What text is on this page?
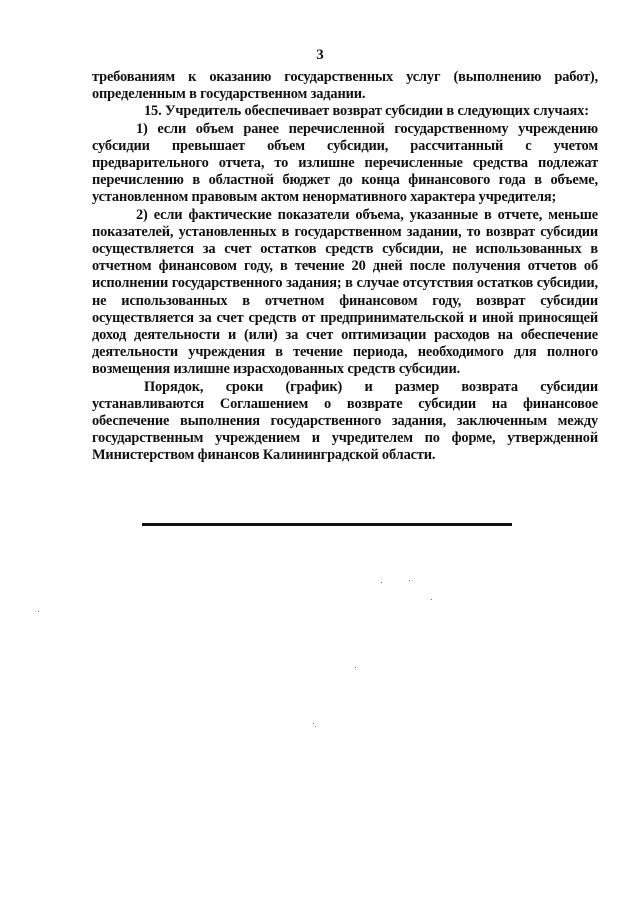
3

требованиям к оказанию государственных услуг (выполнению работ), определенным в государственном задании.

15. Учредитель обеспечивает возврат субсидии в следующих случаях:

1) если объем ранее перечисленной государственному учреждению субсидии превышает объем субсидии, рассчитанный с учетом предварительного отчета, то излишне перечисленные средства подлежат перечислению в областной бюджет до конца финансового года в объеме, установленном правовым актом ненормативного характера учредителя;

2) если фактические показатели объема, указанные в отчете, меньше показателей, установленных в государственном задании, то возврат субсидии осуществляется за счет остатков средств субсидии, не использованных в отчетном финансовом году, в течение 20 дней после получения отчетов об исполнении государственного задания; в случае отсутствия остатков субсидии, не использованных в отчетном финансовом году, возврат субсидии осуществляется за счет средств от предпринимательской и иной приносящей доход деятельности и (или) за счет оптимизации расходов на обеспечение деятельности учреждения в течение периода, необходимого для полного возмещения излишне израсходованных средств субсидии.

Порядок, сроки (график) и размер возврата субсидии устанавливаются Соглашением о возврате субсидии на финансовое обеспечение выполнения государственного задания, заключенным между государственным учреждением и учредителем по форме, утвержденной Министерством финансов Калининградской области.
